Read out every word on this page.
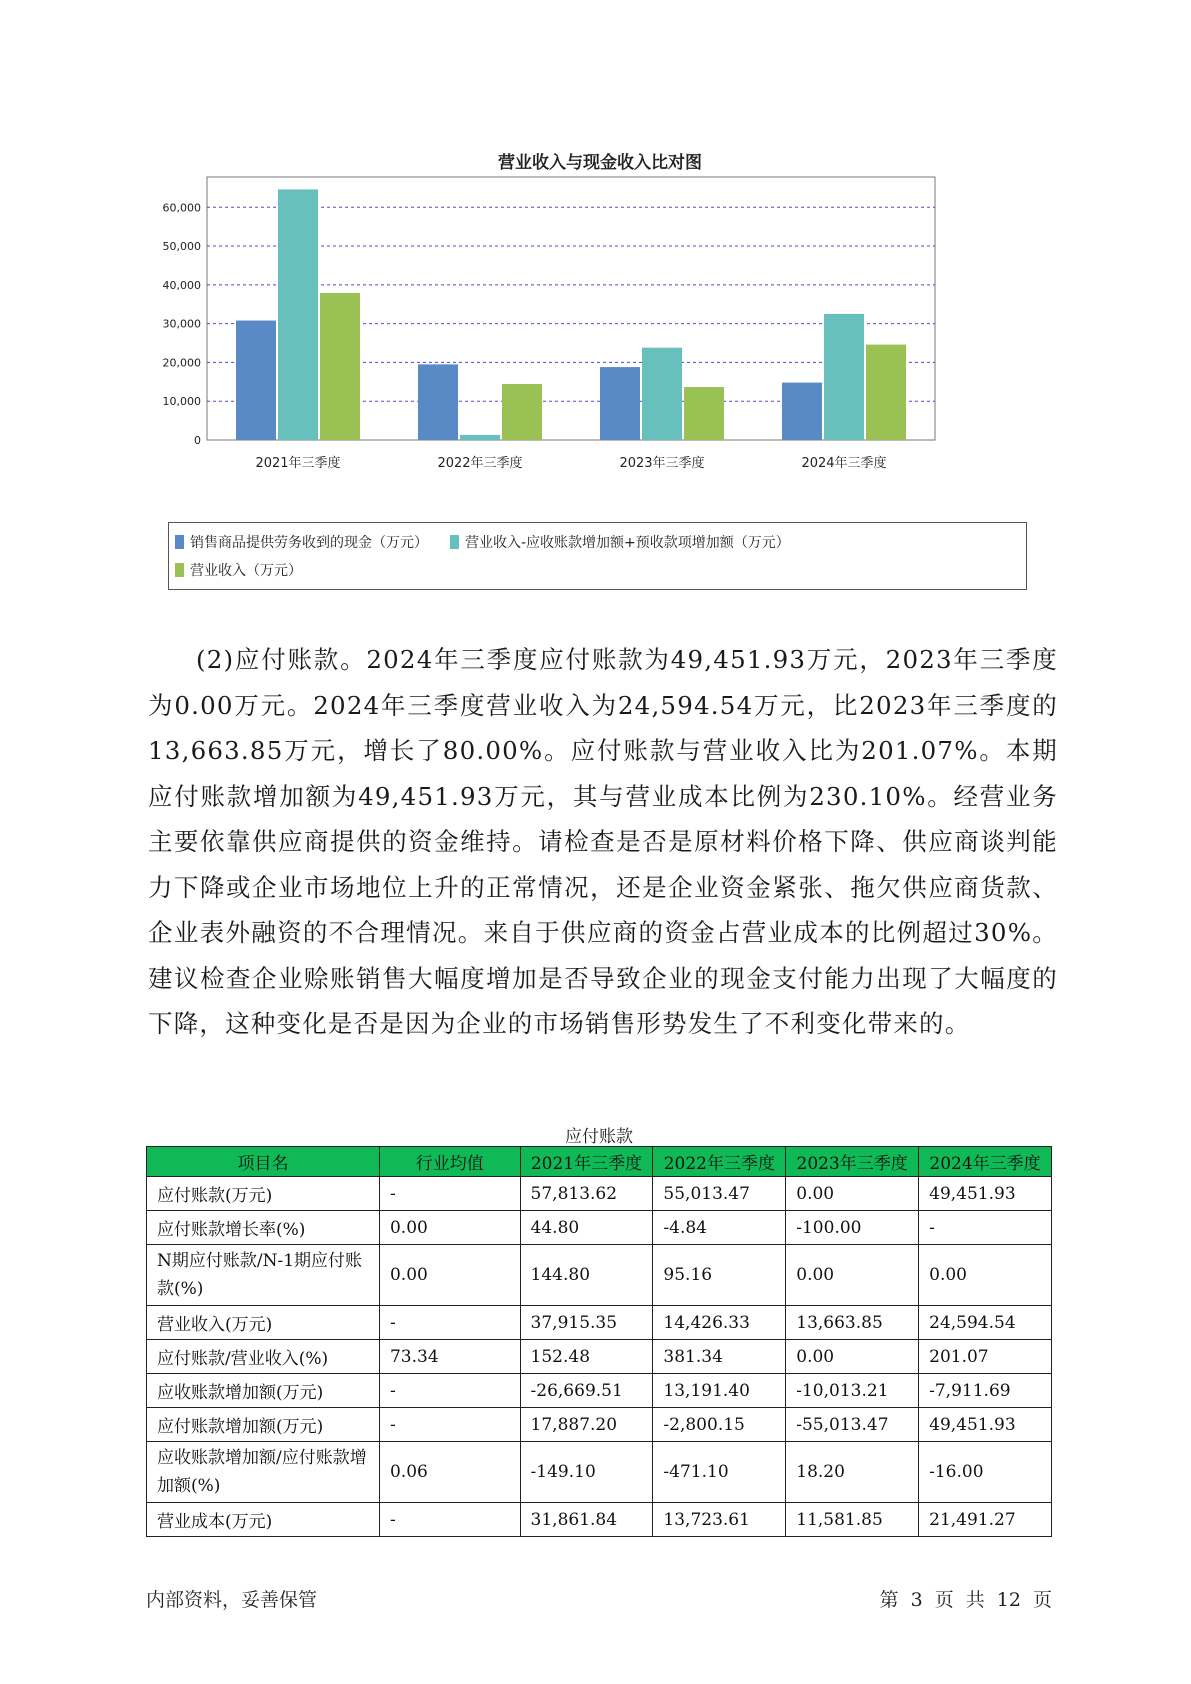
营业收入与现金收入比对图
0
10,000
20,000
30,000
40,000
50,000
60,000
2021年三季度	2022年三季度	2023年三季度	2024年三季度
销售商品提供劳务收到的现金（万元）	营业收入-应收账款增加额+预收款项增加额（万元）
营业收入（万元）

(2)应付账款。2024年三季度应付账款为49,451.93万元，2023年三季度为0.00万元。2024年三季度营业收入为24,594.54万元，比2023年三季度的13,663.85万元，增长了80.00%。应付账款与营业收入比为201.07%。本期应付账款增加额为49,451.93万元，其与营业成本比例为230.10%。经营业务主要依靠供应商提供的资金维持。请检查是否是原材料价格下降、供应商谈判能力下降或企业市场地位上升的正常情况，还是企业资金紧张、拖欠供应商货款、企业表外融资的不合理情况。来自于供应商的资金占营业成本的比例超过30%。建议检查企业赊账销售大幅度增加是否导致企业的现金支付能力出现了大幅度的下降，这种变化是否是因为企业的市场销售形势发生了不利变化带来的。

应付账款
项目名	行业均值	2021年三季度	2022年三季度	2023年三季度	2024年三季度
应付账款(万元)	-	57,813.62	55,013.47	0.00	49,451.93
应付账款增长率(%)	0.00	44.80	-4.84	-100.00	-
N期应付账款/N-1期应付账款(%)	0.00	144.80	95.16	0.00	0.00
营业收入(万元)	-	37,915.35	14,426.33	13,663.85	24,594.54
应付账款/营业收入(%)	73.34	152.48	381.34	0.00	201.07
应收账款增加额(万元)	-	-26,669.51	13,191.40	-10,013.21	-7,911.69
应付账款增加额(万元)	-	17,887.20	-2,800.15	-55,013.47	49,451.93
应收账款增加额/应付账款增加额(%)	0.06	-149.10	-471.10	18.20	-16.00
营业成本(万元)	-	31,861.84	13,723.61	11,581.85	21,491.27
内部资料，妥善保管	第 3 页 共 12 页
